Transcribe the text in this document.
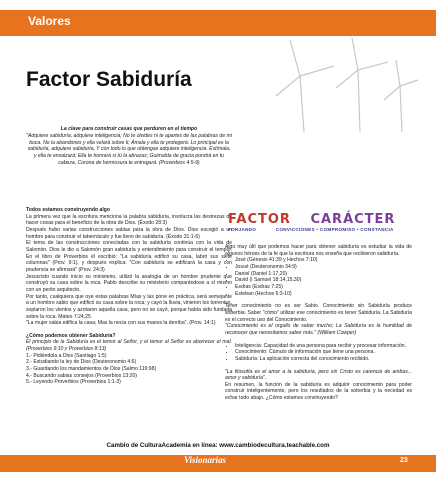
Valores
Factor Sabiduría
La clave para construir casas que perduren en el tiempo
"Adquiere sabiduría, adquiere inteligencia; No te olvides ni te apartes de las palabras de mi boca. No la abandones y ella velará sobre ti; Ámala y ella te protegerá. Lo principal es la sabiduría, adquiere sabiduría, Y con todo lo que obtengas adquiere inteligencia. Estímala, y ella te ensalzará; Ella te honrará si tú la abrazas; Guirnalda de gracia pondrá en tu cabeza, Corona de hermosura te entregará. (Proverbios 4:5-9)

Todos estamos construyendo algo

La primera vez que la escritura menciona la palabra sabiduría, involucra las destrezas de hacer cosas para el beneficio de la obra de Dios. (Éxodo 28:3)

Después hubo varias construcciones sabias para la obra de Dios. Dios escogió a un hombre para construir el tabernáculo y fue lleno de sabiduría. (Éxodo 31:1-6)

El tema de las construcciones conectadas con la sabiduría continúa con la vida de Salomón. Dios le dio a Salomón gran sabiduría y entendimiento para construir el templo. En el libro de Proverbios él escribió: "La sabiduría edificó su casa, labró sus siete columnas" (Prov. 9:1), y después explica: "Con sabiduría se edificará la casa y con prudencia se afirmará" (Prov. 24:3)

Jesucristo cuando inicio su ministerio, utilizó la analogía de un hombre prudente que construyó su casa sobre la roca. Pablo describe su ministerio comparándose a sí mismo con un perito arquitecto.

Por tanto, cualquiera que oye estas palabras Mías y las pone en práctica, será semejante a un hombre sabio que edificó su casa sobre la roca; y cayó la lluvia, vinieron los torrentes, soplaron los vientos y azotaron aquella casa, pero no se cayó, porque había sido fundada sobre la roca. Mateo 7:24,25

"La mujer sabia edifica la casa; Mas la necia con sus manos la derriba". (Prov. 14:1)

¿Cómo podemos obtener Sabiduría?

El principio de la Sabiduría es el temor al Señor, y el temor al Señor es aborrecer el mal. (Proverbios 9:10 y Proverbios 8:13)

1.- Pidiéndola a Dios (Santiago 1:5)
2.- Estudiando la ley de Dios (Deuteronomio 4:6)
3.- Guardando los mandamientos de Dios (Salmo 119:98)
4.- Buscando sabias consejos (Proverbios 13:20)
5.- Leyendo Proverbios (Proverbios 1:1-3)
FACTOR CARÁCTER
FORJANDO	CONVICCIONES • COMPROMISO • CONSTANCIA

Algo muy útil que podemos hacer para obtener sabiduría es estudiar la vida de algunos héroes de la fe que la escritura nos enseña que recibieron sabiduría.

• José (Génesis 41:39 y Hechos 7:10)
• Josué (Deuteronomio 34:9)
• Daniel (Daniel 1:17,20)
• David (I Samuel 18:14,15,30)
• Esdras (Esdras 7:25)
• Esteban (Hechos 6:3-10)

Tener conocimiento no es ser Sabio. Conocimiento sin Sabiduría produce soberbia. Saber "cómo" utilizar ese conocimiento es tener Sabiduría. La Sabiduría es el correcto uso del Conocimiento.

"Conocimiento es el orgullo de saber mucho; La Sabiduría es la humildad de reconocer que necesitamos saber más." (William Cowper)

• Inteligencia: Capacidad de una persona para recibir y procesar información.
• Conocimiento: Cúmulo de información que tiene una persona.
• Sabiduría: La aplicación correcta del conocimiento recibido.

"La filosofía es el amor a la sabiduría, pero sin Cristo es carencia de ambas... amor y sabiduría".

En resumen, la función de la sabiduría es adquirir conocimiento para poder construir inteligentemente, pero los resultados de la soberbia y la necedad es echar todo abajo. ¿Cómo estamos construyendo?

Cambio de CulturaAcademia en línea: www.cambiodecultura.teachable.com
Visionarias	23
